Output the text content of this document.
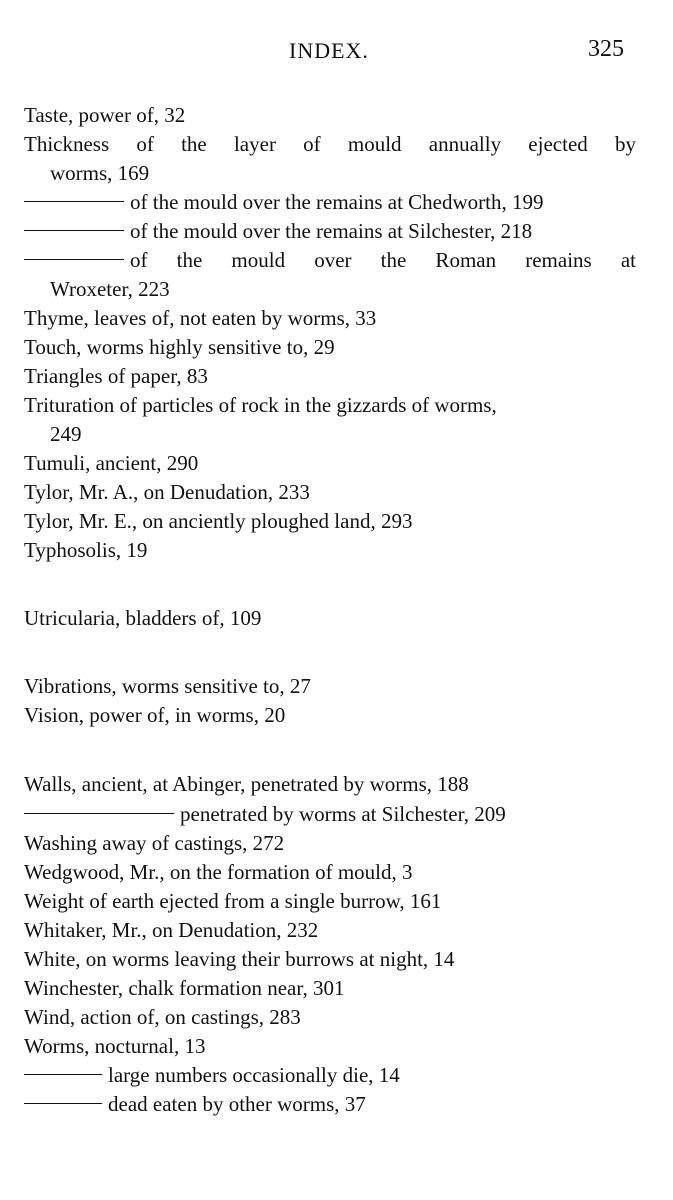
INDEX.	325
Taste, power of, 32
Thickness of the layer of mould annually ejected by
worms, 169
of the mould over the remains at Chedworth, 199
of the mould over the remains at Silchester, 218
of the mould over the Roman remains at
Wroxeter, 223
Thyme, leaves of, not eaten by worms, 33
Touch, worms highly sensitive to, 29
Triangles of paper, 83
Trituration of particles of rock in the gizzards of worms,
249
Tumuli, ancient, 290
Tylor, Mr. A., on Denudation, 233
Tylor, Mr. E., on anciently ploughed land, 293
Typhosolis, 19
Utricularia, bladders of, 109
Vibrations, worms sensitive to, 27
Vision, power of, in worms, 20
Walls, ancient, at Abinger, penetrated by worms, 188
penetrated by worms at Silchester, 209
Washing away of castings, 272
Wedgwood, Mr., on the formation of mould, 3
Weight of earth ejected from a single burrow, 161
Whitaker, Mr., on Denudation, 232
White, on worms leaving their burrows at night, 14
Winchester, chalk formation near, 301
Wind, action of, on castings, 283
Worms, nocturnal, 13
large numbers occasionally die, 14
dead eaten by other worms, 37
